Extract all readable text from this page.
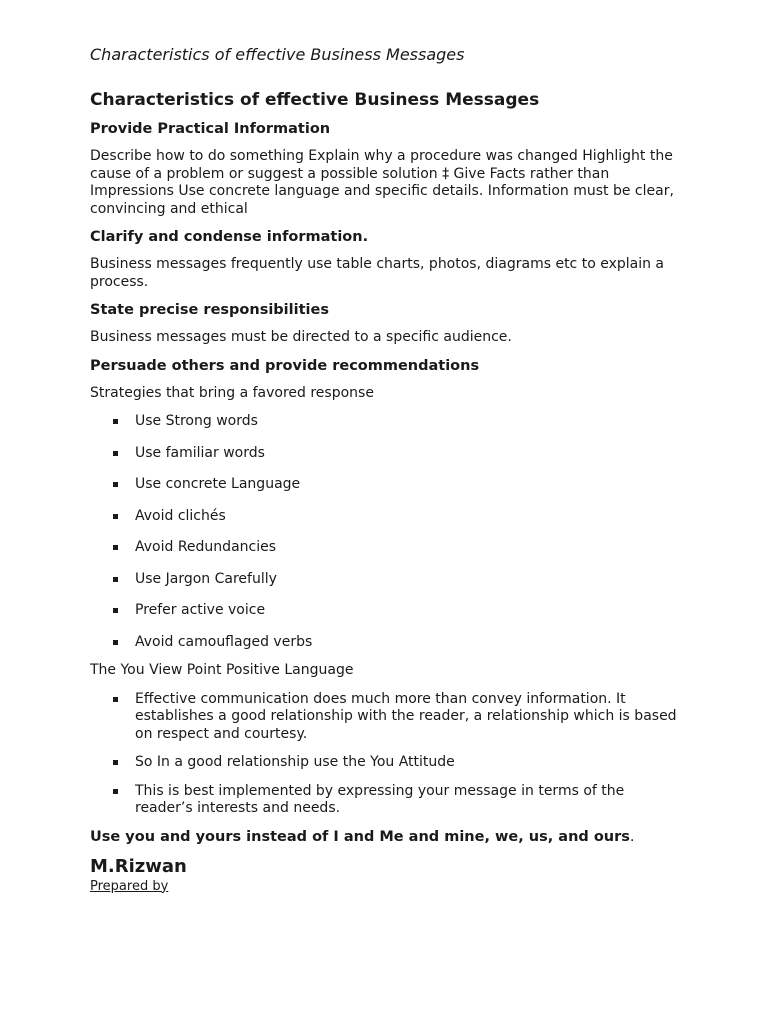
Characteristics of effective Business Messages

Characteristics of effective Business Messages
Provide Practical Information

Describe how to do something Explain why a procedure was changed Highlight the cause of a problem or suggest a possible solution ‡ Give Facts rather than Impressions Use concrete language and specific details. Information must be clear, convincing and ethical

Clarify and condense information.

Business messages frequently use table charts, photos, diagrams etc to explain a process.

State precise responsibilities

Business messages must be directed to a specific audience.

Persuade others and provide recommendations

Strategies that bring a favored response

Use Strong words
Use familiar words
Use concrete Language
Avoid clichés
Avoid Redundancies
Use Jargon Carefully
Prefer active voice
Avoid camouflaged verbs

The You View Point Positive Language

Effective communication does much more than convey information. It establishes a good relationship with the reader, a relationship which is based on respect and courtesy.
So In a good relationship use the You Attitude
This is best implemented by expressing your message in terms of the reader’s interests and needs.

Use you and yours instead of I and Me and mine, we, us, and ours.

M.Rizwan

Prepared by
